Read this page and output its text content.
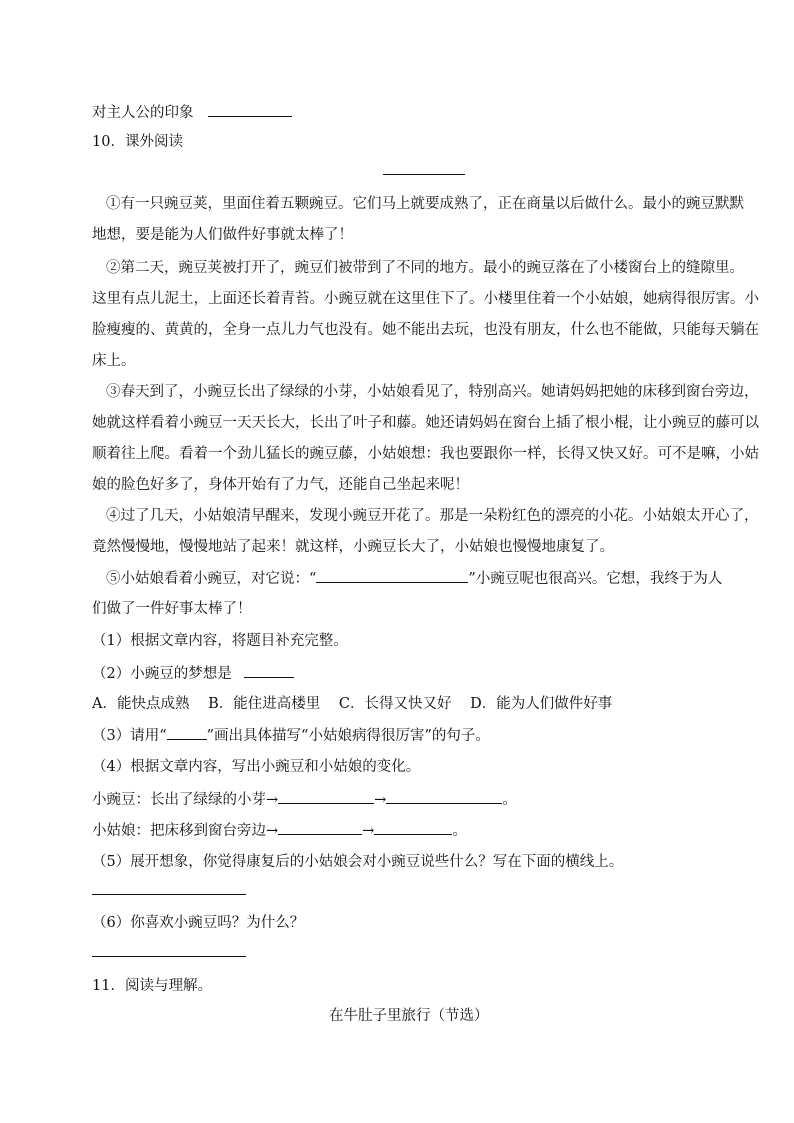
对主人公的印象
10．课外阅读
①有一只豌豆荚，里面住着五颗豌豆。它们马上就要成熟了，正在商量以后做什么。最小的豌豆默默
地想，要是能为人们做件好事就太棒了！
②第二天，豌豆荚被打开了，豌豆们被带到了不同的地方。最小的豌豆落在了小楼窗台上的缝隙里。
这里有点儿泥土，上面还长着青苔。小豌豆就在这里住下了。小楼里住着一个小姑娘，她病得很厉害。小
脸瘦瘦的、黄黄的，全身一点儿力气也没有。她不能出去玩，也没有朋友，什么也不能做，只能每天躺在
床上。
③春天到了，小豌豆长出了绿绿的小芽，小姑娘看见了，特别高兴。她请妈妈把她的床移到窗台旁边，
她就这样看着小豌豆一天天长大，长出了叶子和藤。她还请妈妈在窗台上插了根小棍，让小豌豆的藤可以
顺着往上爬。看着一个劲儿猛长的豌豆藤，小姑娘想：我也要跟你一样，长得又快又好。可不是嘛，小姑
娘的脸色好多了，身体开始有了力气，还能自己坐起来呢！
④过了几天，小姑娘清早醒来，发现小豌豆开花了。那是一朵粉红色的漂亮的小花。小姑娘太开心了，
竟然慢慢地，慢慢地站了起来！就这样，小豌豆长大了，小姑娘也慢慢地康复了。
⑤小姑娘看着小豌豆，对它说：“	”小豌豆呢也很高兴。它想，我终于为人
们做了一件好事太棒了！
（1）根据文章内容，将题目补充完整。
（2）小豌豆的梦想是
A．能快点成熟 B．能住进高楼里 C．长得又快又好 D．能为人们做件好事
（3）请用“	”画出具体描写“小姑娘病得很厉害”的句子。
（4）根据文章内容，写出小豌豆和小姑娘的变化。
小豌豆：长出了绿绿的小芽→	→	。
小姑娘：把床移到窗台旁边→	→	。
（5）展开想象，你觉得康复后的小姑娘会对小豌豆说些什么？写在下面的横线上。
（6）你喜欢小豌豆吗？为什么？
11．阅读与理解。
在牛肚子里旅行（节选）
